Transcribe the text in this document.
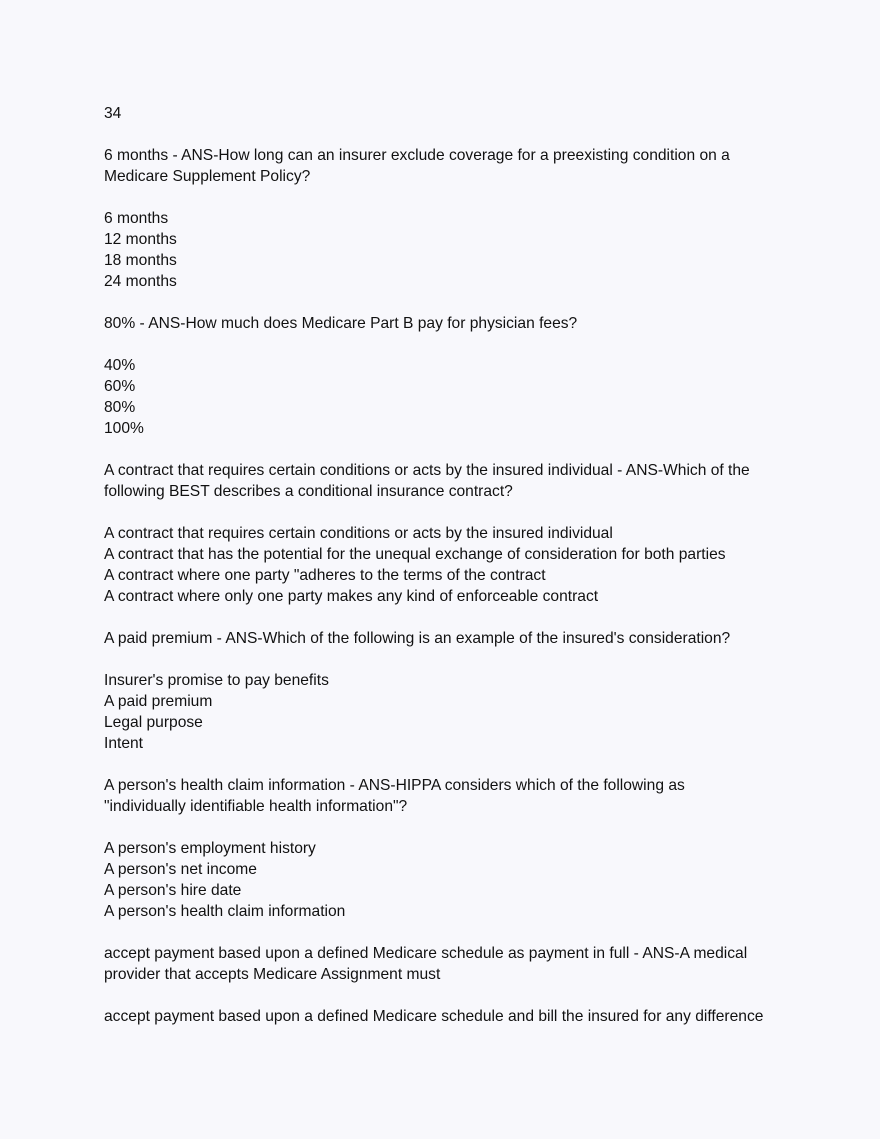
34
6 months - ANS-How long can an insurer exclude coverage for a preexisting condition on a
Medicare Supplement Policy?
6 months
12 months
18 months
24 months
80% - ANS-How much does Medicare Part B pay for physician fees?
40%
60%
80%
100%
A contract that requires certain conditions or acts by the insured individual - ANS-Which of the
following BEST describes a conditional insurance contract?
A contract that requires certain conditions or acts by the insured individual
A contract that has the potential for the unequal exchange of consideration for both parties
A contract where one party "adheres to the terms of the contract
A contract where only one party makes any kind of enforceable contract
A paid premium - ANS-Which of the following is an example of the insured's consideration?
Insurer's promise to pay benefits
A paid premium
Legal purpose
Intent
A person's health claim information - ANS-HIPPA considers which of the following as
"individually identifiable health information"?
A person's employment history
A person's net income
A person's hire date
A person's health claim information
accept payment based upon a defined Medicare schedule as payment in full - ANS-A medical
provider that accepts Medicare Assignment must
accept payment based upon a defined Medicare schedule and bill the insured for any difference
